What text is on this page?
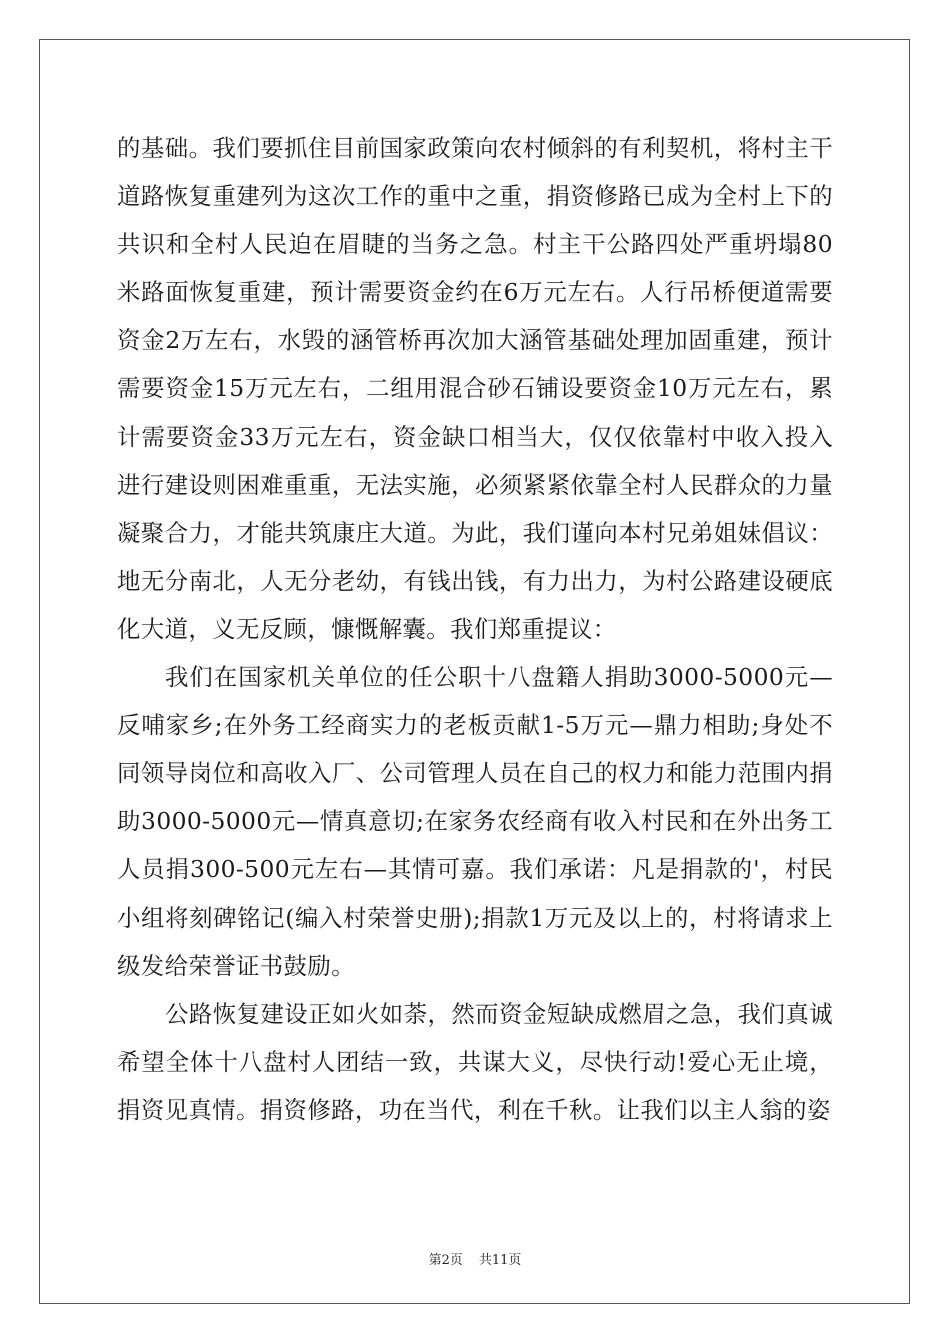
的基础。我们要抓住目前国家政策向农村倾斜的有利契机，将村主干道路恢复重建列为这次工作的重中之重，捐资修路已成为全村上下的共识和全村人民迫在眉睫的当务之急。村主干公路四处严重坍塌80米路面恢复重建，预计需要资金约在6万元左右。人行吊桥便道需要资金2万左右，水毁的涵管桥再次加大涵管基础处理加固重建，预计需要资金15万元左右，二组用混合砂石铺设要资金10万元左右，累计需要资金33万元左右，资金缺口相当大，仅仅依靠村中收入投入进行建设则困难重重，无法实施，必须紧紧依靠全村人民群众的力量凝聚合力，才能共筑康庄大道。为此，我们谨向本村兄弟姐妹倡议：地无分南北，人无分老幼，有钱出钱，有力出力，为村公路建设硬底化大道，义无反顾，慷慨解囊。我们郑重提议：

我们在国家机关单位的任公职十八盘籍人捐助3000-5000元—反哺家乡;在外务工经商实力的老板贡献1-5万元—鼎力相助;身处不同领导岗位和高收入厂、公司管理人员在自己的权力和能力范围内捐助3000-5000元—情真意切;在家务农经商有收入村民和在外出务工人员捐300-500元左右—其情可嘉。我们承诺：凡是捐款的'，村民小组将刻碑铭记(编入村荣誉史册);捐款1万元及以上的，村将请求上级发给荣誉证书鼓励。

公路恢复建设正如火如荼，然而资金短缺成燃眉之急，我们真诚希望全体十八盘村人团结一致，共谋大义，尽快行动!爱心无止境，捐资见真情。捐资修路，功在当代，利在千秋。让我们以主人翁的姿

第2页 共11页
